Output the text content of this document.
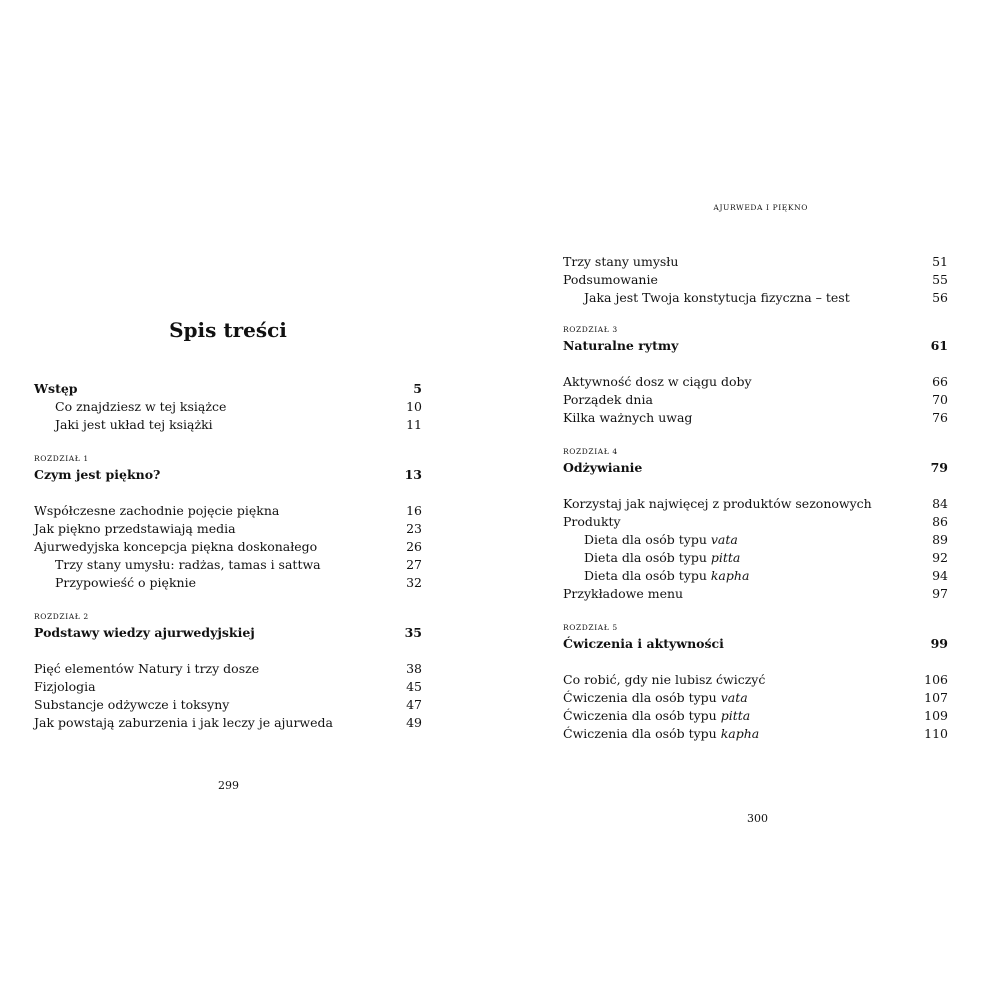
Spis treści
Wstęp	5
Co znajdziesz w tej książce	10
Jaki jest układ tej książki	11
ROZDZIAŁ 1
Czym jest piękno?	13
Współczesne zachodnie pojęcie piękna	16
Jak piękno przedstawiają media	23
Ajurwedyjska koncepcja piękna doskonałego	26
Trzy stany umysłu: radżas, tamas i sattwa	27
Przypowieść o pięknie	32
ROZDZIAŁ 2
Podstawy wiedzy ajurwedyjskiej	35
Pięć elementów Natury i trzy dosze	38
Fizjologia	45
Substancje odżywcze i toksyny	47
Jak powstają zaburzenia i jak leczy je ajurweda	49
299
AJURWEDA I PIĘKNO
Trzy stany umysłu	51
Podsumowanie	55
Jaka jest Twoja konstytucja fizyczna – test	56
ROZDZIAŁ 3
Naturalne rytmy	61
Aktywność dosz w ciągu doby	66
Porządek dnia	70
Kilka ważnych uwag	76
ROZDZIAŁ 4
Odżywianie	79
Korzystaj jak najwięcej z produktów sezonowych	84
Produkty	86
Dieta dla osób typu vata	89
Dieta dla osób typu pitta	92
Dieta dla osób typu kapha	94
Przykładowe menu	97
ROZDZIAŁ 5
Ćwiczenia i aktywności	99
Co robić, gdy nie lubisz ćwiczyć	106
Ćwiczenia dla osób typu vata	107
Ćwiczenia dla osób typu pitta	109
Ćwiczenia dla osób typu kapha	110
300
